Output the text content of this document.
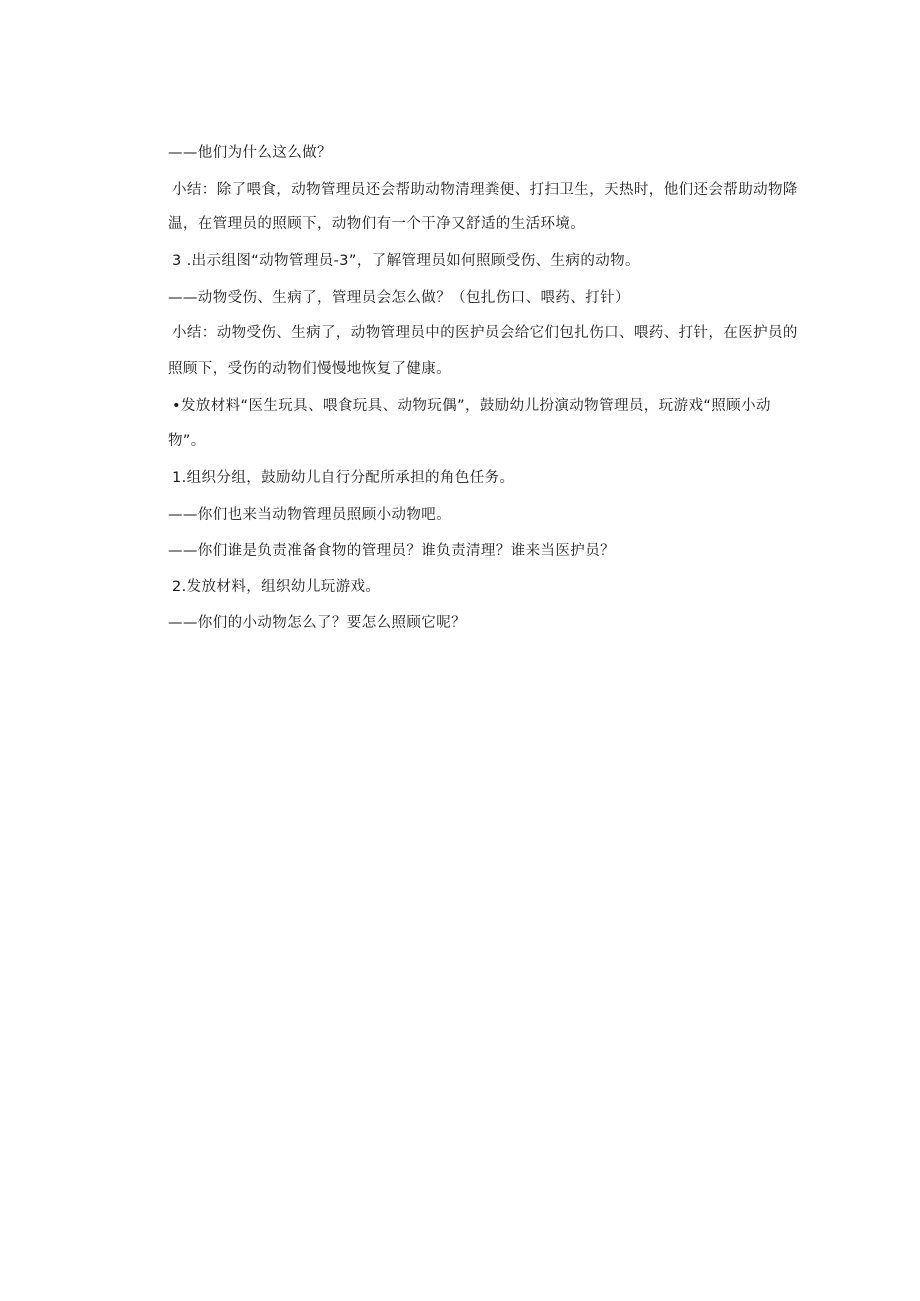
——他们为什么这么做？
小结：除了喂食，动物管理员还会帮助动物清理粪便、打扫卫生，天热时，他们还会帮助动物降
温，在管理员的照顾下，动物们有一个干净又舒适的生活环境。
3 .出示组图“动物管理员-3”，了解管理员如何照顾受伤、生病的动物。
——动物受伤、生病了，管理员会怎么做？（包扎伤口、喂药、打针）
小结：动物受伤、生病了，动物管理员中的医护员会给它们包扎伤口、喂药、打针，在医护员的
照顾下，受伤的动物们慢慢地恢复了健康。
•发放材料“医生玩具、喂食玩具、动物玩偶”，鼓励幼儿扮演动物管理员，玩游戏“照顾小动
物”。
1.组织分组，鼓励幼儿自行分配所承担的角色任务。
——你们也来当动物管理员照顾小动物吧。
——你们谁是负责准备食物的管理员？谁负责清理？谁来当医护员？
2.发放材料，组织幼儿玩游戏。
——你们的小动物怎么了？要怎么照顾它呢？
